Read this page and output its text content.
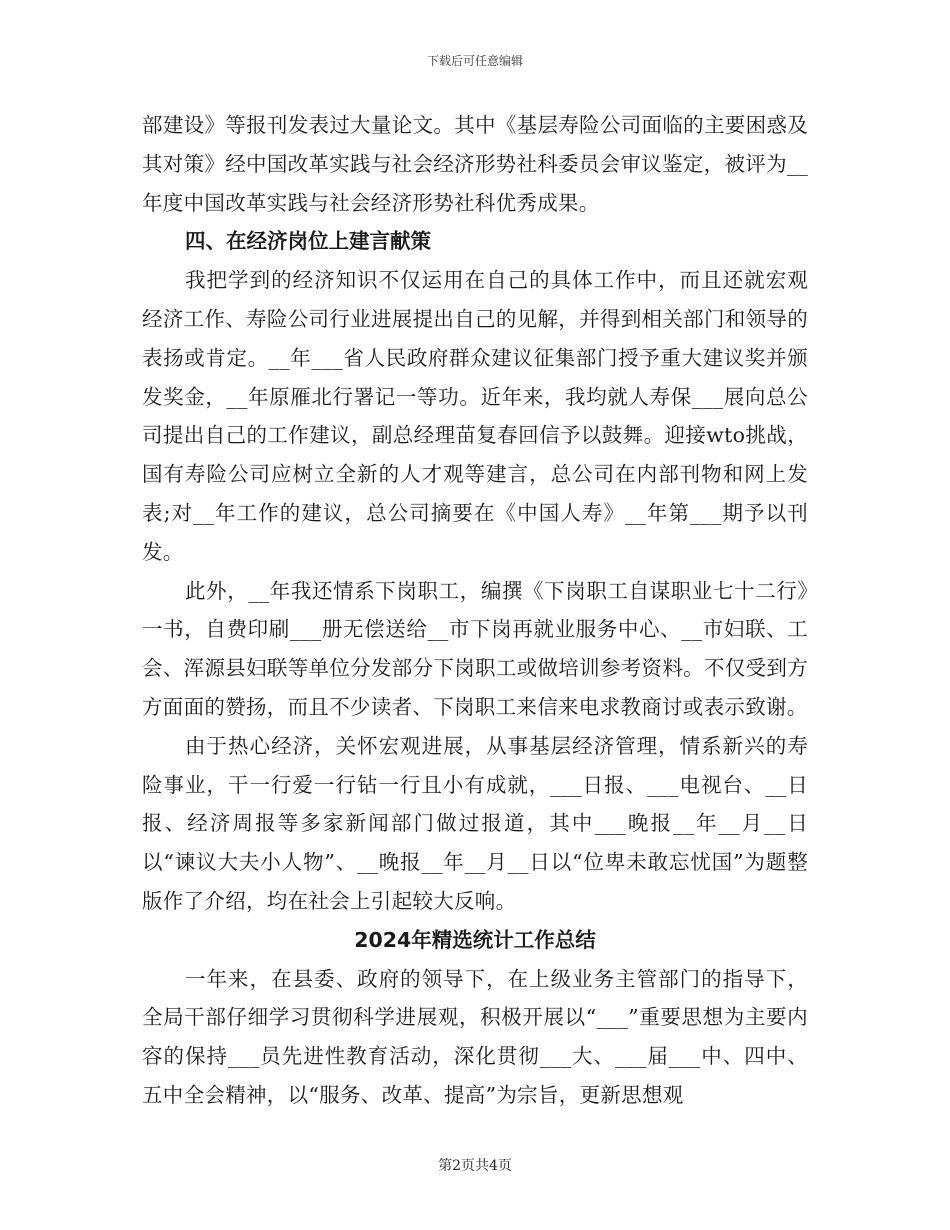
下载后可任意编辑

部建设》等报刊发表过大量论文。其中《基层寿险公司面临的主要困惑及其对策》经中国改革实践与社会经济形势社科委员会审议鉴定，被评为__年度中国改革实践与社会经济形势社科优秀成果。

四、在经济岗位上建言献策

我把学到的经济知识不仅运用在自己的具体工作中，而且还就宏观经济工作、寿险公司行业进展提出自己的见解，并得到相关部门和领导的表扬或肯定。__年___省人民政府群众建议征集部门授予重大建议奖并颁发奖金，__年原雁北行署记一等功。近年来，我均就人寿保___展向总公司提出自己的工作建议，副总经理苗复春回信予以鼓舞。迎接wto挑战，国有寿险公司应树立全新的人才观等建言，总公司在内部刊物和网上发表;对__年工作的建议，总公司摘要在《中国人寿》__年第___期予以刊发。

此外，__年我还情系下岗职工，编撰《下岗职工自谋职业七十二行》一书，自费印刷___册无偿送给__市下岗再就业服务中心、__市妇联、工会、浑源县妇联等单位分发部分下岗职工或做培训参考资料。不仅受到方方面面的赞扬，而且不少读者、下岗职工来信来电求教商讨或表示致谢。

由于热心经济，关怀宏观进展，从事基层经济管理，情系新兴的寿险事业，干一行爱一行钻一行且小有成就，___日报、___电视台、__日报、经济周报等多家新闻部门做过报道，其中___晚报__年__月__日以“谏议大夫小人物”、__晚报__年__月__日以“位卑未敢忘忧国”为题整版作了介绍，均在社会上引起较大反响。

2024年精选统计工作总结

一年来，在县委、政府的领导下，在上级业务主管部门的指导下，全局干部仔细学习贯彻科学进展观，积极开展以“___”重要思想为主要内容的保持___员先进性教育活动，深化贯彻___大、___届___中、四中、五中全会精神，以“服务、改革、提高”为宗旨，更新思想观

第2页共4页
